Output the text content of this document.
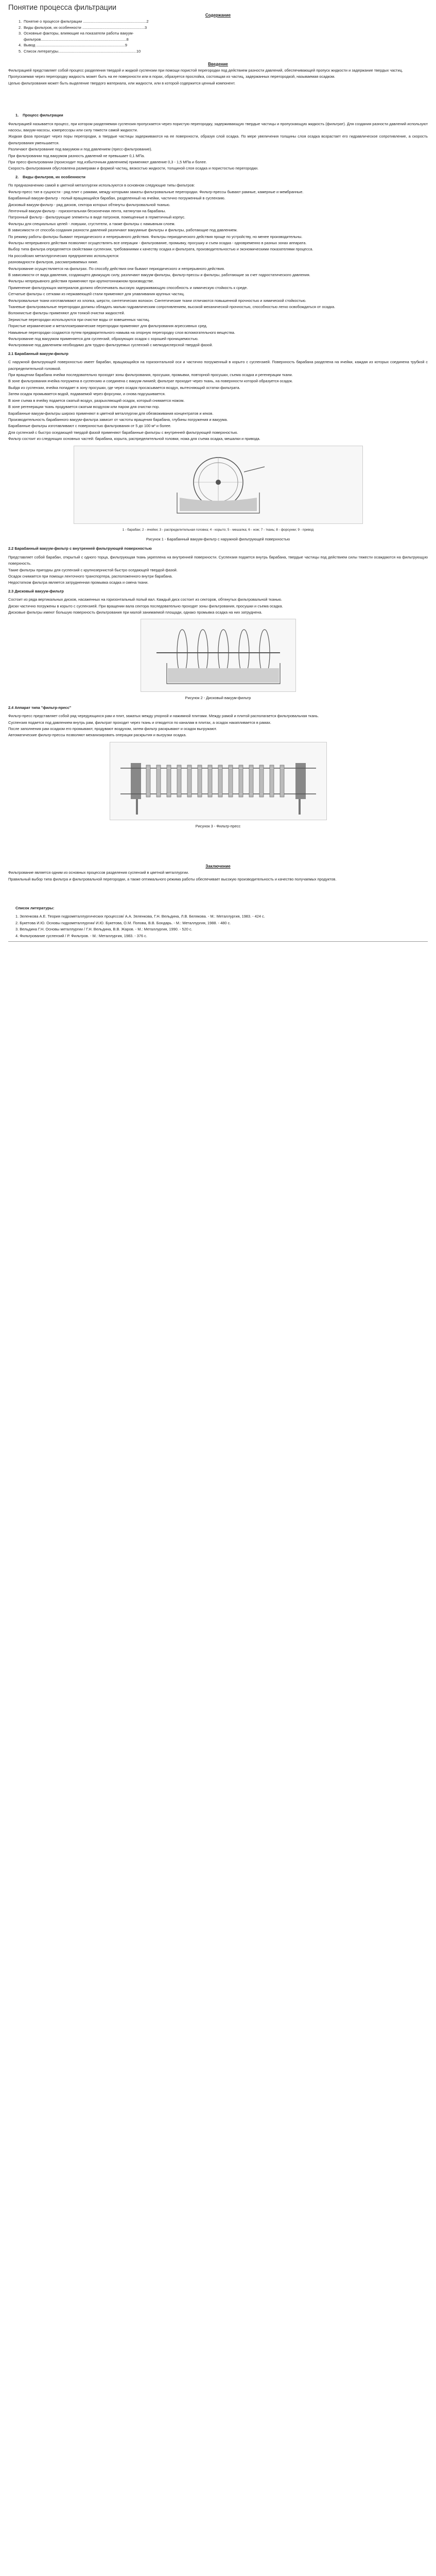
Понятие процесса фильтрации
Содержание
1. Понятие о процессе фильтрации ............................................................2
2. Виды фильтров, их особенности ...........................................................3
3. Основные факторы, влияющие на показатели работы вакуум-
фильтров.................................................................................8
4. Вывод ....................................................................................9
5. Список литературы..........................................................................10
Введение

Фильтрацией представляет собой процесс разделения твердой и жидкой суспензии при помощи пористой перегородки под действием разности давлений, обеспечивающей пропуск жидкости и задержание твердых частиц.

Пропускаемая через перегородку жидкость может быть на ее поверхности или в порах, образуется прослойка, состоящая из частиц, задержанных перегородкой, называемая осадком.

Целью фильтрования может быть выделение твердого материала, или жидкости, или в которой содержится ценный компонент.

1.	Процесс фильтрации

Фильтрацией называется процесс, при котором разделяемая суспензия пропускается через пористую перегородку, задерживающую твердые частицы и пропускающую жидкость (фильтрат). Для создания разности давлений используют насосы, вакуум-насосы, компрессоры или силу тяжести самой жидкости.

Жидкая фаза проходит через поры перегородки, а твердые частицы задерживаются на ее поверхности, образуя слой осадка. По мере увеличения толщины слоя осадка возрастает его гидравлическое сопротивление, а скорость фильтрования уменьшается.

Различают фильтрование под вакуумом и под давлением (пресс-фильтрование).

При фильтровании под вакуумом разность давлений не превышает 0,1 МПа.

При пресс-фильтровании (происходит под избыточным давлением) применяют давление 0,3 - 1,5 МПа и более.

Скорость фильтрования обусловлена размерами и формой частиц, вязкостью жидкости, толщиной слоя осадка и пористостью перегородки.

2.	Виды фильтров, их особенности

По предназначению самой в цветной металлургии используются в основном следующие типы фильтров:

Фильтр-пресс тип в сущности - ряд плит с рамами, между которыми зажаты фильтровальные перегородки. Фильтр-прессы бывают рамные, камерные и мембранные.

Барабанный вакуум-фильтр - полый вращающийся барабан, разделенный на ячейки, частично погруженный в суспензию.

Дисковый вакуум-фильтр - ряд дисков, сектора которых обтянуты фильтровальной тканью.

Ленточный вакуум-фильтр - горизонтальная бесконечная лента, натянутая на барабаны.

Патронный фильтр - фильтрующие элементы в виде патронов, помещенные в герметичный корпус.

Фильтры для специальных целей - ловушки, сгустители, а также фильтры с намывным слоем.

В зависимости от способа создания разности давлений различают вакуумные фильтры и фильтры, работающие под давлением.

По режиму работы фильтры бывают периодического и непрерывного действия. Фильтры периодического действия проще по устройству, но менее производительны.

Фильтры непрерывного действия позволяют осуществлять все операции - фильтрование, промывку, просушку и съем осадка - одновременно в разных зонах аппарата.

Выбор типа фильтра определяется свойствами суспензии, требованиями к качеству осадка и фильтрата, производительностью и экономическими показателями процесса.

На российских металлургических предприятиях используются:

разновидности фильтров, рассматриваемых ниже.

Фильтрование осуществляется на фильтрах. По способу действия они бывают периодического и непрерывного действия.

В зависимости от вида давления, создающего движущую силу, различают вакуум-фильтры, фильтр-прессы и фильтры, работающие за счет гидростатического давления.

Фильтры непрерывного действия применяют при крупнотоннажном производстве.

Применение фильтрующих материалов должно обеспечивать высокую задерживающую способность и химическую стойкость к среде.

Сетчатые фильтры с сетками из нержавеющей стали применяют для улавливания крупных частиц.

Фильтровальные ткани изготавливают из хлопка, шерсти, синтетических волокон. Синтетические ткани отличаются повышенной прочностью и химической стойкостью.

Тканевые фильтровальные перегородки должны обладать малым гидравлическим сопротивлением, высокой механической прочностью, способностью легко освобождаться от осадка.

Волокнистые фильтры применяют для тонкой очистки жидкостей.

Зернистые перегородки используются при очистке воды от взвешенных частиц.

Пористые керамические и металлокерамические перегородки применяют для фильтрования агрессивных сред.

Намывные перегородки создаются путем предварительного намыва на опорную перегородку слоя вспомогательного вещества.

Фильтрование под вакуумом применяется для суспензий, образующих осадок с хорошей проницаемостью.

Фильтрование под давлением необходимо для трудно фильтруемых суспензий с мелкодисперсной твердой фазой.

2.1 Барабанный вакуум-фильтр

С наружной фильтрующей поверхностью имеет барабан, вращающийся на горизонтальной оси и частично погруженный в корыто с суспензией. Поверхность барабана разделена на ячейки, каждая из которых соединена трубкой с распределительной головкой.

При вращении барабана ячейки последовательно проходят зоны фильтрования, просушки, промывки, повторной просушки, съема осадка и регенерации ткани.

В зоне фильтрования ячейка погружена в суспензию и соединена с вакуум-линией; фильтрат проходит через ткань, на поверхности которой образуется осадок.

Выйдя из суспензии, ячейка попадает в зону просушки, где через осадок просасывается воздух, вытесняющий остатки фильтрата.

Затем осадок промывается водой, подаваемой через форсунки, и снова подсушивается.

В зоне съема в ячейку подается сжатый воздух, разрыхляющий осадок, который снимается ножом.

В зоне регенерации ткань продувается сжатым воздухом или паром для очистки пор.

Барабанные вакуум-фильтры широко применяют в цветной металлургии для обезвоживания концентратов и кеков.

Производительность барабанного вакуум-фильтра зависит от частоты вращения барабана, глубины погружения и вакуума.

Барабанные фильтры изготавливают с поверхностью фильтрования от 5 до 100 м² и более.

Для суспензий с быстро оседающей твердой фазой применяют барабанные фильтры с внутренней фильтрующей поверхностью.

Фильтр состоит из следующих основных частей: барабана, корыта, распределительной головки, ножа для съема осадка, мешалки и привода.

1 - барабан; 2 - ячейки; 3 - распределительная головка; 4 - корыто; 5 - мешалка; 6 - нож; 7 - ткань; 8 - форсунки; 9 - привод
Рисунок 1 - Барабанный вакуум-фильтр с наружной фильтрующей поверхностью
2.2 Барабанный вакуум-фильтр с внутренней фильтрующей поверхностью

Представляет собой барабан, открытый с одного торца, фильтрующая ткань укреплена на внутренней поверхности. Суспензия подается внутрь барабана, твердые частицы под действием силы тяжести осаждаются на фильтрующую поверхность.

Такие фильтры пригодны для суспензий с крупнозернистой быстро оседающей твердой фазой.

Осадок снимается при помощи ленточного транспортера, расположенного внутри барабана.

Недостатком фильтра является затрудненная промывка осадка и смена ткани.

2.3 Дисковый вакуум-фильтр

Состоит из ряда вертикальных дисков, насаженных на горизонтальный полый вал. Каждый диск состоит из секторов, обтянутых фильтровальной тканью.

Диски частично погружены в корыто с суспензией. При вращении вала сектора последовательно проходят зоны фильтрования, просушки и съема осадка.

Дисковые фильтры имеют большую поверхность фильтрования при малой занимаемой площади, однако промывка осадка на них затруднена.

Рисунок 2 - Дисковый вакуум-фильтр
2.4 Аппарат типа "фильтр-пресс"

Фильтр-пресс представляет собой ряд чередующихся рам и плит, зажатых между упорной и нажимной плитами. Между рамой и плитой располагается фильтровальная ткань.

Суспензия подается под давлением внутрь рам, фильтрат проходит через ткань и отводится по каналам в плитах, а осадок накапливается в рамах.

После заполнения рам осадком его промывают, продувают воздухом, затем фильтр раскрывают и осадок выгружают.

Автоматические фильтр-прессы позволяют механизировать операции раскрытия и выгрузки осадка.

Рисунок 3 - Фильтр-пресс
Заключение

Фильтрование является одним из основных процессов разделения суспензий в цветной металлургии.

Правильный выбор типа фильтра и фильтровальной перегородки, а также оптимального режима работы обеспечивает высокую производительность и качество получаемых продуктов.

Список литературы:

1. Зеленкова А.Е. Теория гидрометаллургических процессов/ А.А. Зеленкова, Г.Н. Вельдина, Л.В. Белякова. - М.: Металлургия, 1983. - 424 с.

2. Букетова И.Ю. Основы гидрометаллургии/ И.Ю. Букетова, О.М. Попова, В.В. Бондарь. - М.: Металлургия, 1988. - 480 с.

3. Вельдина Г.Н. Основы металлургии / Г.Н. Вельдина, В.В. Жаров. - М.: Металлургия, 1990. - 520 с.

4. Фильтрование суспензий / Р. Фильтров. - М.: Металлургия, 1983. - 376 с.
